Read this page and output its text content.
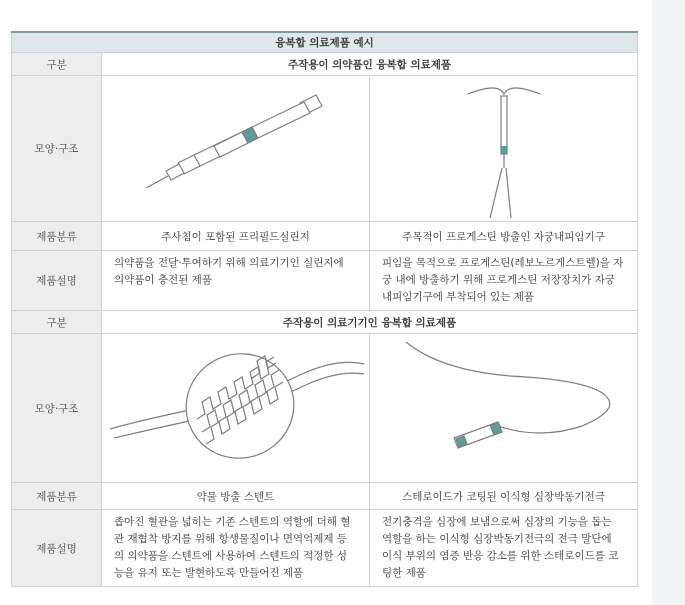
융복합 의료제품 예시		
구분	주작용이 의약품인 융복합 의료제품	
모양·구조	

제품분류	주사침이 포함된 프리필드실린지	주목적이 프로게스틴 방출인 자궁내피임기구
제품설명	의약품을 전달·투여하기 위해 의료기기인 실린지에 의약품이 충전된 제품	피임을 목적으로 프로게스틴(레보노르게스트렐)을 자궁 내에 방출하기 위해 프로게스틴 저장장치가 자궁내피임기구에 부착되어 있는 제품
구분	주작용이 의료기기인 융복합 의료제품	
모양·구조	

제품분류	약물 방출 스텐트	스테로이드가 코팅된 이식형 심장박동기전극
제품설명	좁아진 혈관을 넓히는 기존 스텐트의 역할에 더해 혈관 재협착 방지를 위해 항생물질이나 면역억제제 등의 의약품을 스텐트에 사용하여 스텐트의 적정한 성능을 유지 또는 발현하도록 만들어진 제품	전기충격을 심장에 보냄으로써 심장의 기능을 돕는 역할을 하는 이식형 심장박동기전극의 전극 말단에 이식 부위의 염증 반응 감소를 위한 스테로이드를 코팅한 제품
